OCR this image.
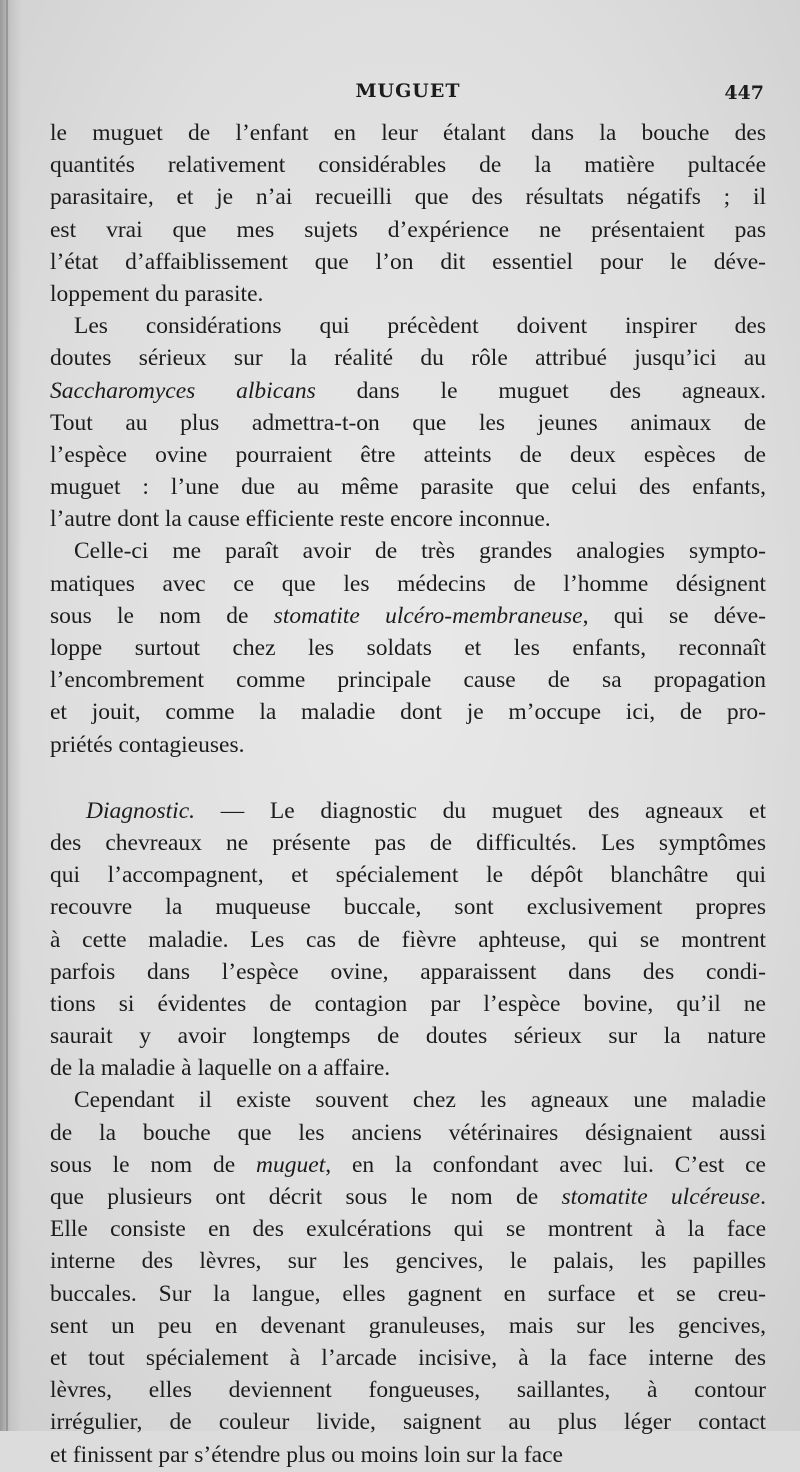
MUGUET	447
le muguet de l’enfant en leur étalant dans la bouche des
quantités relativement considérables de la matière pultacée
parasitaire, et je n’ai recueilli que des résultats négatifs ; il
est vrai que mes sujets d’expérience ne présentaient pas
l’état d’affaiblissement que l’on dit essentiel pour le déve-
loppement du parasite.
Les considérations qui précèdent doivent inspirer des
doutes sérieux sur la réalité du rôle attribué jusqu’ici au
Saccharomyces albicans dans le muguet des agneaux.
Tout au plus admettra-t-on que les jeunes animaux de
l’espèce ovine pourraient être atteints de deux espèces de
muguet : l’une due au même parasite que celui des enfants,
l’autre dont la cause efficiente reste encore inconnue.
Celle-ci me paraît avoir de très grandes analogies sympto-
matiques avec ce que les médecins de l’homme désignent
sous le nom de stomatite ulcéro-membraneuse, qui se déve-
loppe surtout chez les soldats et les enfants, reconnaît
l’encombrement comme principale cause de sa propagation
et jouit, comme la maladie dont je m’occupe ici, de pro-
priétés contagieuses.
Diagnostic. — Le diagnostic du muguet des agneaux et
des chevreaux ne présente pas de difficultés. Les symptômes
qui l’accompagnent, et spécialement le dépôt blanchâtre qui
recouvre la muqueuse buccale, sont exclusivement propres
à cette maladie. Les cas de fièvre aphteuse, qui se montrent
parfois dans l’espèce ovine, apparaissent dans des condi-
tions si évidentes de contagion par l’espèce bovine, qu’il ne
saurait y avoir longtemps de doutes sérieux sur la nature
de la maladie à laquelle on a affaire.
Cependant il existe souvent chez les agneaux une maladie
de la bouche que les anciens vétérinaires désignaient aussi
sous le nom de muguet, en la confondant avec lui. C’est ce
que plusieurs ont décrit sous le nom de stomatite ulcéreuse.
Elle consiste en des exulcérations qui se montrent à la face
interne des lèvres, sur les gencives, le palais, les papilles
buccales. Sur la langue, elles gagnent en surface et se creu-
sent un peu en devenant granuleuses, mais sur les gencives,
et tout spécialement à l’arcade incisive, à la face interne des
lèvres, elles deviennent fongueuses, saillantes, à contour
irrégulier, de couleur livide, saignent au plus léger contact
et finissent par s’étendre plus ou moins loin sur la face
